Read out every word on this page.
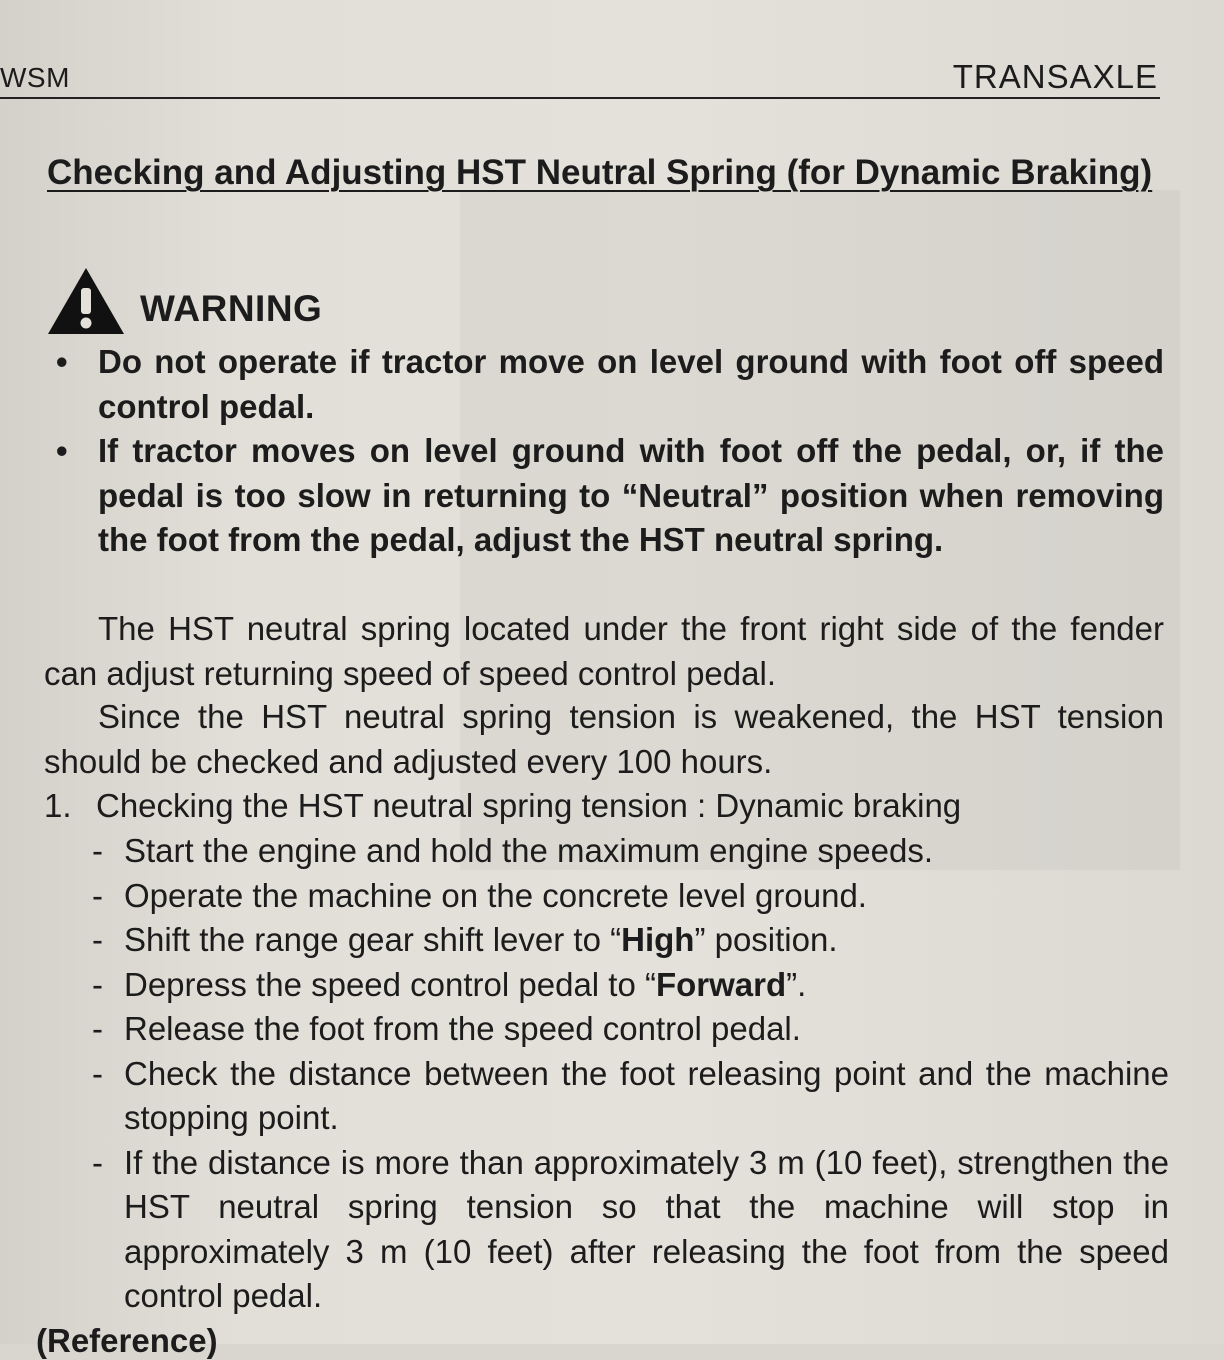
WSM	TRANSAXLE
Checking and Adjusting HST Neutral Spring (for Dynamic Braking)
WARNING
• Do not operate if tractor move on level ground with foot off speed control pedal.
• If tractor moves on level ground with foot off the pedal, or, if the pedal is too slow in returning to “Neutral” position when removing the foot from the pedal, adjust the HST neutral spring.
The HST neutral spring located under the front right side of the fender can adjust returning speed of speed control pedal.
Since the HST neutral spring tension is weakened, the HST tension should be checked and adjusted every 100 hours.
1. Checking the HST neutral spring tension : Dynamic braking
- Start the engine and hold the maximum engine speeds.
- Operate the machine on the concrete level ground.
- Shift the range gear shift lever to “High” position.
- Depress the speed control pedal to “Forward”.
- Release the foot from the speed control pedal.
- Check the distance between the foot releasing point and the machine stopping point.
- If the distance is more than approximately 3 m (10 feet), strengthen the HST neutral spring tension so that the machine will stop in approximately 3 m (10 feet) after releasing the foot from the speed control pedal.
(Reference)
